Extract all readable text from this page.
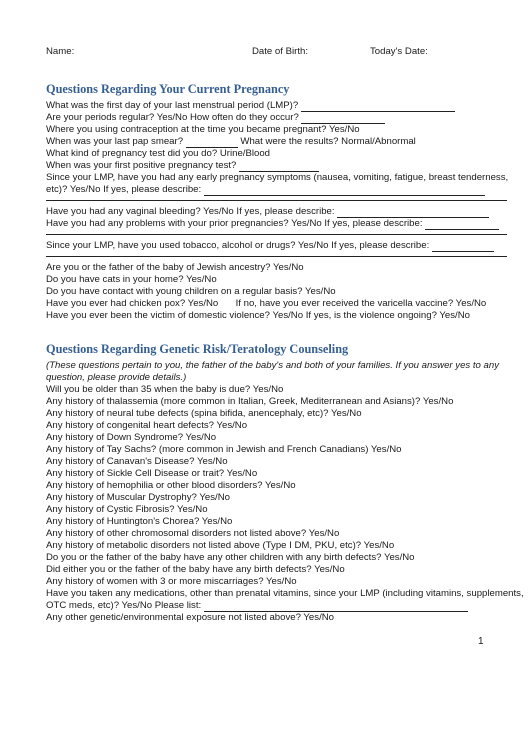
Name:	Date of Birth:	Today's Date:
Questions Regarding Your Current Pregnancy
What was the first day of your last menstrual period (LMP)?
Are your periods regular? Yes/No How often do they occur?
Where you using contraception at the time you became pregnant? Yes/No
When was your last pap smear?	What were the results? Normal/Abnormal
What kind of pregnancy test did you do? Urine/Blood
When was your first positive pregnancy test?
Since your LMP, have you had any early pregnancy symptoms (nausea, vomiting, fatigue, breast tenderness,
etc)? Yes/No If yes, please describe:
Have you had any vaginal bleeding? Yes/No If yes, please describe:
Have you had any problems with your prior pregnancies? Yes/No If yes, please describe:
Since your LMP, have you used tobacco, alcohol or drugs? Yes/No If yes, please describe:
Are you or the father of the baby of Jewish ancestry? Yes/No
Do you have cats in your home? Yes/No
Do you have contact with young children on a regular basis? Yes/No
Have you ever had chicken pox? Yes/No If no, have you ever received the varicella vaccine? Yes/No
Have you ever been the victim of domestic violence? Yes/No If yes, is the violence ongoing? Yes/No
Questions Regarding Genetic Risk/Teratology Counseling
(These questions pertain to you, the father of the baby's and both of your families. If you answer yes to any
question, please provide details.)
Will you be older than 35 when the baby is due? Yes/No
Any history of thalassemia (more common in Italian, Greek, Mediterranean and Asians)? Yes/No
Any history of neural tube defects (spina bifida, anencephaly, etc)? Yes/No
Any history of congenital heart defects? Yes/No
Any history of Down Syndrome? Yes/No
Any history of Tay Sachs? (more common in Jewish and French Canadians) Yes/No
Any history of Canavan's Disease? Yes/No
Any history of Sickle Cell Disease or trait? Yes/No
Any history of hemophilia or other blood disorders? Yes/No
Any history of Muscular Dystrophy? Yes/No
Any history of Cystic Fibrosis? Yes/No
Any history of Huntington's Chorea? Yes/No
Any history of other chromosomal disorders not listed above? Yes/No
Any history of metabolic disorders not listed above (Type I DM, PKU, etc)? Yes/No
Do you or the father of the baby have any other children with any birth defects? Yes/No
Did either you or the father of the baby have any birth defects? Yes/No
Any history of women with 3 or more miscarriages? Yes/No
Have you taken any medications, other than prenatal vitamins, since your LMP (including vitamins, supplements,
OTC meds, etc)? Yes/No Please list:
Any other genetic/environmental exposure not listed above? Yes/No
1
